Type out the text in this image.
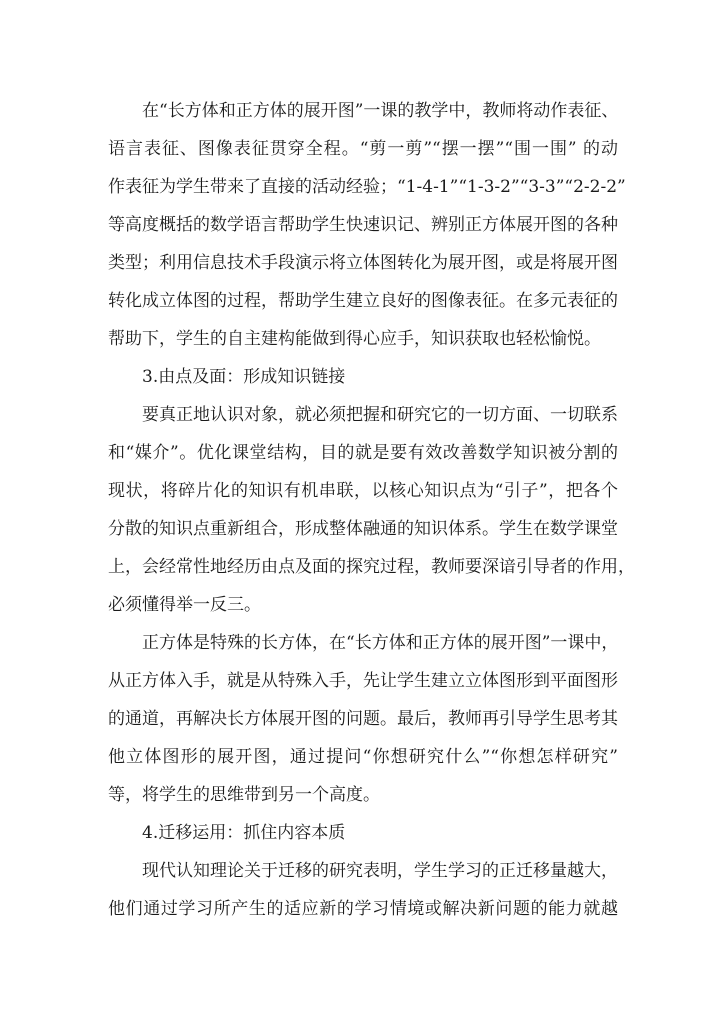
在“长方体和正方体的展开图”一课的教学中，教师将动作表征、
语言表征、图像表征贯穿全程。“剪一剪”“摆一摆”“围一围” 的动
作表征为学生带来了直接的活动经验；“1-4-1”“1-3-2”“3-3”“2-2-2”
等高度概括的数学语言帮助学生快速识记、辨别正方体展开图的各种
类型；利用信息技术手段演示将立体图转化为展开图，或是将展开图
转化成立体图的过程，帮助学生建立良好的图像表征。在多元表征的
帮助下，学生的自主建构能做到得心应手，知识获取也轻松愉悦。
3.由点及面：形成知识链接
要真正地认识对象，就必须把握和研究它的一切方面、一切联系
和“媒介”。优化课堂结构，目的就是要有效改善数学知识被分割的
现状，将碎片化的知识有机串联，以核心知识点为“引子”，把各个
分散的知识点重新组合，形成整体融通的知识体系。学生在数学课堂
上，会经常性地经历由点及面的探究过程，教师要深谙引导者的作用，
必须懂得举一反三。
正方体是特殊的长方体，在“长方体和正方体的展开图”一课中，
从正方体入手，就是从特殊入手，先让学生建立立体图形到平面图形
的通道，再解决长方体展开图的问题。最后，教师再引导学生思考其
他立体图形的展开图，通过提问“你想研究什么”“你想怎样研究”
等，将学生的思维带到另一个高度。
4.迁移运用：抓住内容本质
现代认知理论关于迁移的研究表明，学生学习的正迁移量越大，
他们通过学习所产生的适应新的学习情境或解决新问题的能力就越
